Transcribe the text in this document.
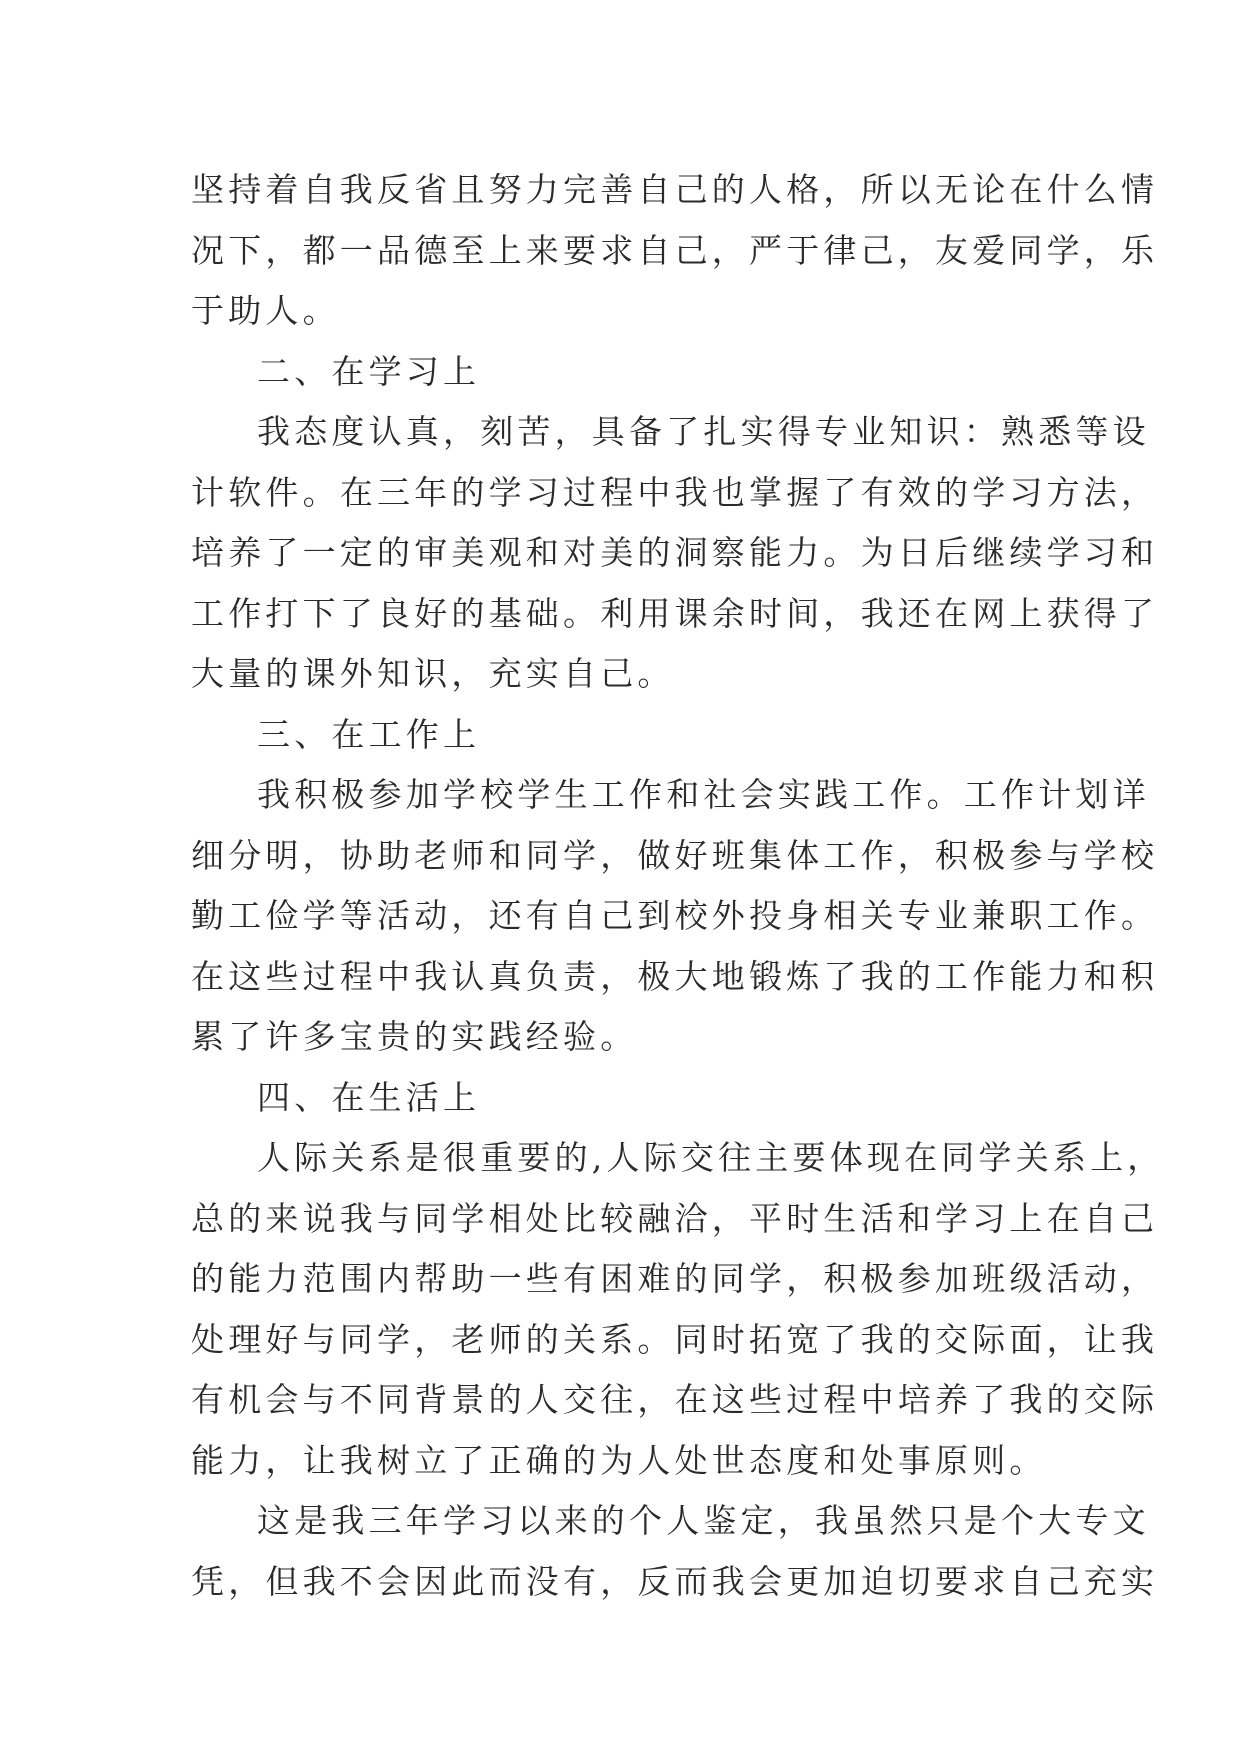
坚持着自我反省且努力完善自己的人格，所以无论在什么情
况下，都一品德至上来要求自己，严于律己，友爱同学，乐
于助人。
二、在学习上
我态度认真，刻苦，具备了扎实得专业知识：熟悉等设
计软件。在三年的学习过程中我也掌握了有效的学习方法，
培养了一定的审美观和对美的洞察能力。为日后继续学习和
工作打下了良好的基础。利用课余时间，我还在网上获得了
大量的课外知识，充实自己。
三、在工作上
我积极参加学校学生工作和社会实践工作。工作计划详
细分明，协助老师和同学，做好班集体工作，积极参与学校
勤工俭学等活动，还有自己到校外投身相关专业兼职工作。
在这些过程中我认真负责，极大地锻炼了我的工作能力和积
累了许多宝贵的实践经验。
四、在生活上
人际关系是很重要的,人际交往主要体现在同学关系上，
总的来说我与同学相处比较融洽，平时生活和学习上在自己
的能力范围内帮助一些有困难的同学，积极参加班级活动，
处理好与同学，老师的关系。同时拓宽了我的交际面，让我
有机会与不同背景的人交往，在这些过程中培养了我的交际
能力，让我树立了正确的为人处世态度和处事原则。
这是我三年学习以来的个人鉴定，我虽然只是个大专文
凭，但我不会因此而没有，反而我会更加迫切要求自己充实
